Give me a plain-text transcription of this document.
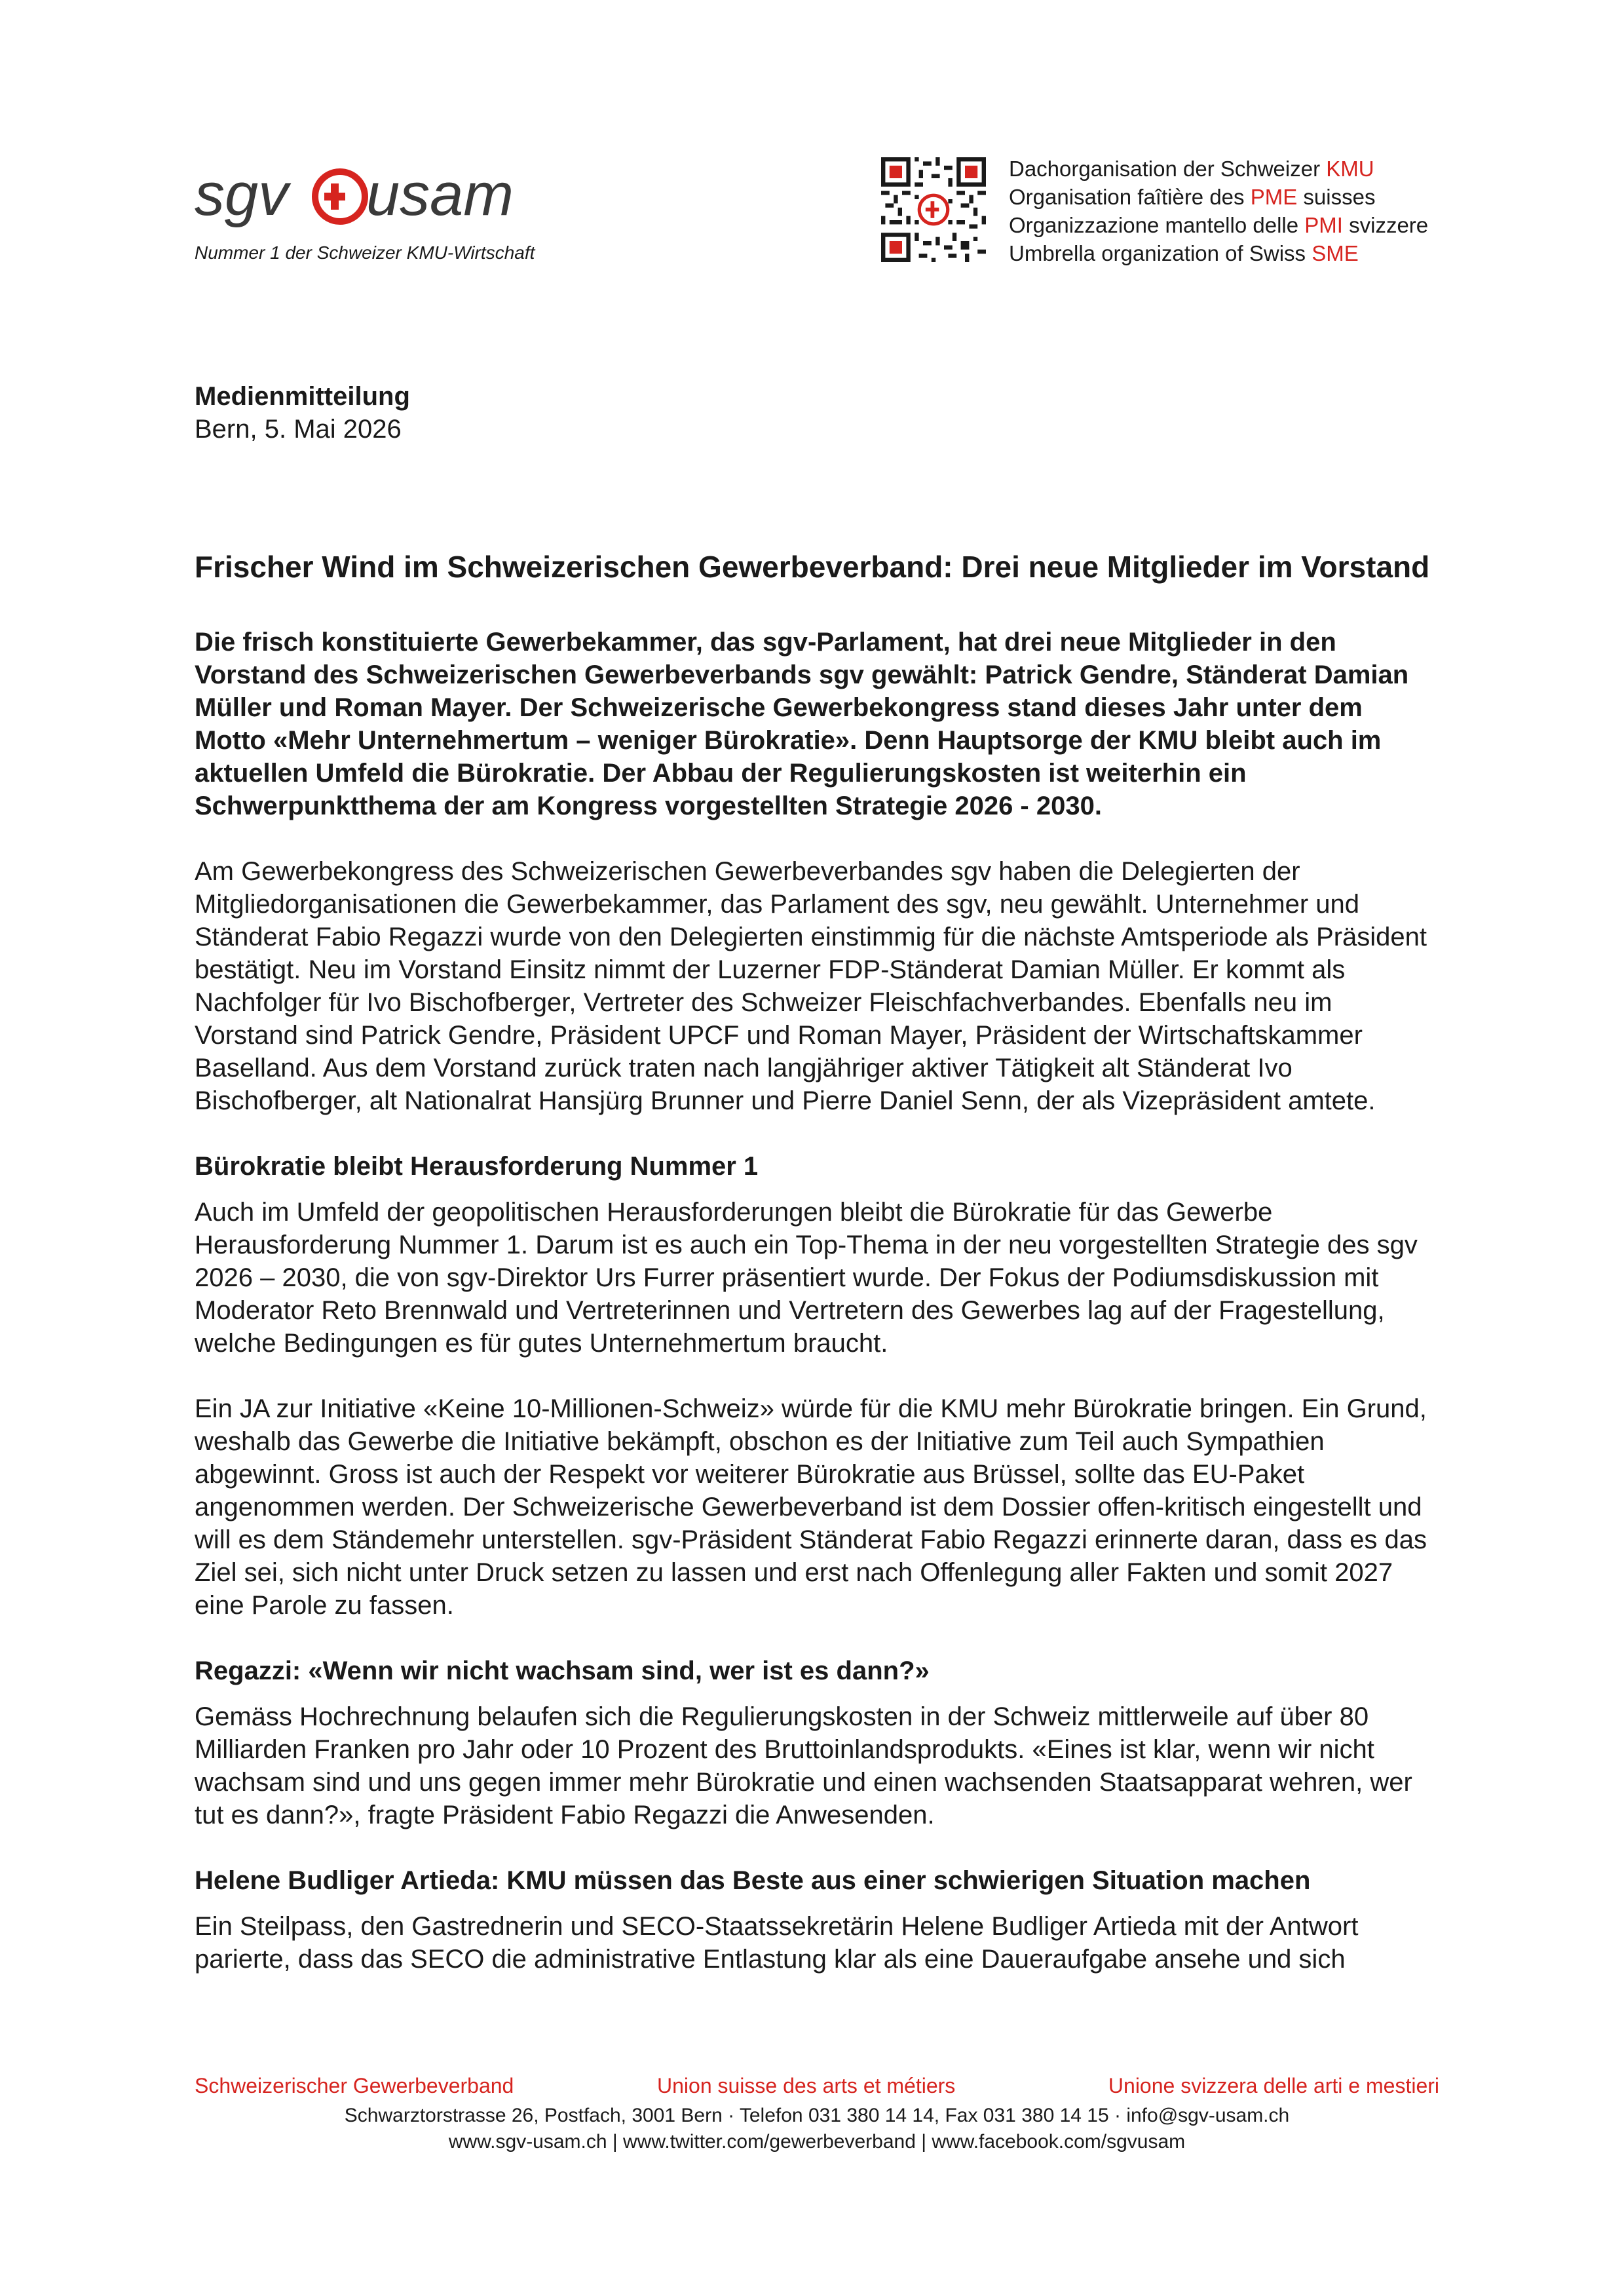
sgv usam
Nummer 1 der Schweizer KMU-Wirtschaft
Dachorganisation der Schweizer KMU
Organisation faîtière des PME suisses
Organizzazione mantello delle PMI svizzere
Umbrella organization of Swiss SME
Medienmitteilung
Bern, 5. Mai 2026
Frischer Wind im Schweizerischen Gewerbeverband: Drei neue Mitglieder im Vorstand
Die frisch konstituierte Gewerbekammer, das sgv-Parlament, hat drei neue Mitglieder in den Vorstand des Schweizerischen Gewerbeverbands sgv gewählt: Patrick Gendre, Ständerat Damian Müller und Roman Mayer. Der Schweizerische Gewerbekongress stand dieses Jahr unter dem Motto «Mehr Unternehmertum – weniger Bürokratie». Denn Hauptsorge der KMU bleibt auch im aktuellen Umfeld die Bürokratie. Der Abbau der Regulierungskosten ist weiterhin ein Schwerpunktthema der am Kongress vorgestellten Strategie 2026 - 2030.

Am Gewerbekongress des Schweizerischen Gewerbeverbandes sgv haben die Delegierten der Mitgliedorganisationen die Gewerbekammer, das Parlament des sgv, neu gewählt. Unternehmer und Ständerat Fabio Regazzi wurde von den Delegierten einstimmig für die nächste Amtsperiode als Präsident bestätigt. Neu im Vorstand Einsitz nimmt der Luzerner FDP-Ständerat Damian Müller. Er kommt als Nachfolger für Ivo Bischofberger, Vertreter des Schweizer Fleischfachverbandes. Ebenfalls neu im Vorstand sind Patrick Gendre, Präsident UPCF und Roman Mayer, Präsident der Wirtschaftskammer Baselland. Aus dem Vorstand zurück traten nach langjähriger aktiver Tätigkeit alt Ständerat Ivo Bischofberger, alt Nationalrat Hansjürg Brunner und Pierre Daniel Senn, der als Vizepräsident amtete.

Bürokratie bleibt Herausforderung Nummer 1

Auch im Umfeld der geopolitischen Herausforderungen bleibt die Bürokratie für das Gewerbe Herausforderung Nummer 1. Darum ist es auch ein Top-Thema in der neu vorgestellten Strategie des sgv 2026 – 2030, die von sgv-Direktor Urs Furrer präsentiert wurde. Der Fokus der Podiumsdiskussion mit Moderator Reto Brennwald und Vertreterinnen und Vertretern des Gewerbes lag auf der Fragestellung, welche Bedingungen es für gutes Unternehmertum braucht.

Ein JA zur Initiative «Keine 10-Millionen-Schweiz» würde für die KMU mehr Bürokratie bringen. Ein Grund, weshalb das Gewerbe die Initiative bekämpft, obschon es der Initiative zum Teil auch Sympathien abgewinnt. Gross ist auch der Respekt vor weiterer Bürokratie aus Brüssel, sollte das EU-Paket angenommen werden. Der Schweizerische Gewerbeverband ist dem Dossier offen-kritisch eingestellt und will es dem Ständemehr unterstellen. sgv-Präsident Ständerat Fabio Regazzi erinnerte daran, dass es das Ziel sei, sich nicht unter Druck setzen zu lassen und erst nach Offenlegung aller Fakten und somit 2027 eine Parole zu fassen.

Regazzi: «Wenn wir nicht wachsam sind, wer ist es dann?»

Gemäss Hochrechnung belaufen sich die Regulierungskosten in der Schweiz mittlerweile auf über 80 Milliarden Franken pro Jahr oder 10 Prozent des Bruttoinlandsprodukts. «Eines ist klar, wenn wir nicht wachsam sind und uns gegen immer mehr Bürokratie und einen wachsenden Staatsapparat wehren, wer tut es dann?», fragte Präsident Fabio Regazzi die Anwesenden.

Helene Budliger Artieda: KMU müssen das Beste aus einer schwierigen Situation machen

Ein Steilpass, den Gastrednerin und SECO-Staatssekretärin Helene Budliger Artieda mit der Antwort parierte, dass das SECO die administrative Entlastung klar als eine Daueraufgabe ansehe und sich

Schweizerischer Gewerbeverband	Union suisse des arts et métiers	Unione svizzera delle arti e mestieri
Schwarztorstrasse 26, Postfach, 3001 Bern · Telefon 031 380 14 14, Fax 031 380 14 15 · info@sgv-usam.ch
www.sgv-usam.ch | www.twitter.com/gewerbeverband | www.facebook.com/sgvusam
